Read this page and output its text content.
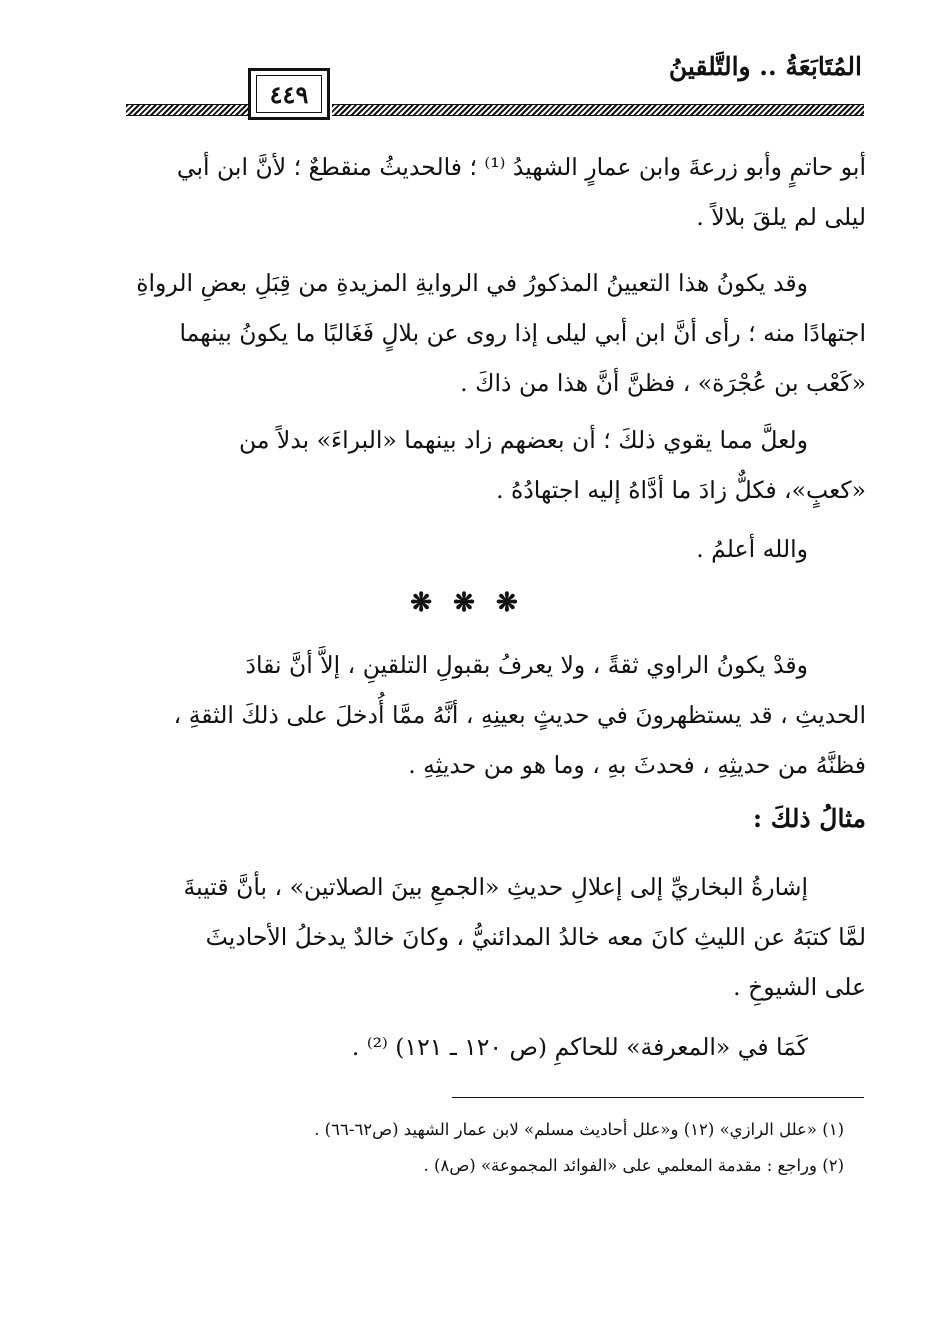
المُتَابَعَةُ .. والتَّلقينُ
٤٤٩
أبو حاتمٍ وأبو زرعةَ وابن عمارٍ الشهيدُ ⁽¹⁾ ؛ فالحديثُ منقطعٌ ؛ لأنَّ ابن أبي
ليلى لم يلقَ بلالاً .
وقد يكونُ هذا التعيينُ المذكورُ في الروايةِ المزيدةِ من قِبَلِ بعضِ الرواةِ
اجتهادًا منه ؛ رأى أنَّ ابن أبي ليلى إذا روى عن بلالٍ فَغَالبًا ما يكونُ بينهما
«كَعْب بن عُجْرَة» ، فظنَّ أنَّ هذا من ذاكَ .
ولعلَّ مما يقوي ذلكَ ؛ أن بعضهم زاد بينهما «البراءَ» بدلاً من
«كعبٍ»، فكلٌّ زادَ ما أدَّاهُ إليه اجتهادُهُ .
والله أعلمُ .
❋ ❋ ❋
وقدْ يكونُ الراوي ثقةً ، ولا يعرفُ بقبولِ التلقينِ ، إلاَّ أنَّ نقادَ
الحديثِ ، قد يستظهرونَ في حديثٍ بعينِهِ ، أنَّهُ ممَّا أُدخلَ على ذلكَ الثقةِ ،
فظنَّهُ من حديثِهِ ، فحدثَ بهِ ، وما هو من حديثِهِ .
مثالُ ذلكَ :
إشارةُ البخاريِّ إلى إعلالِ حديثِ «الجمعِ بينَ الصلاتين» ، بأنَّ قتيبةَ
لمَّا كتبَهُ عن الليثِ كانَ معه خالدُ المدائنيُّ ، وكانَ خالدٌ يدخلُ الأحاديثَ
على الشيوخِ .
كَمَا في «المعرفة» للحاكمِ (ص ١٢٠ ـ ١٢١) ⁽²⁾ .
(١) «علل الرازي» (١٢) و«علل أحاديث مسلم» لابن عمار الشهيد (ص٦٢-٦٦) .
(٢) وراجع : مقدمة المعلمي على «الفوائد المجموعة» (ص٨) .
